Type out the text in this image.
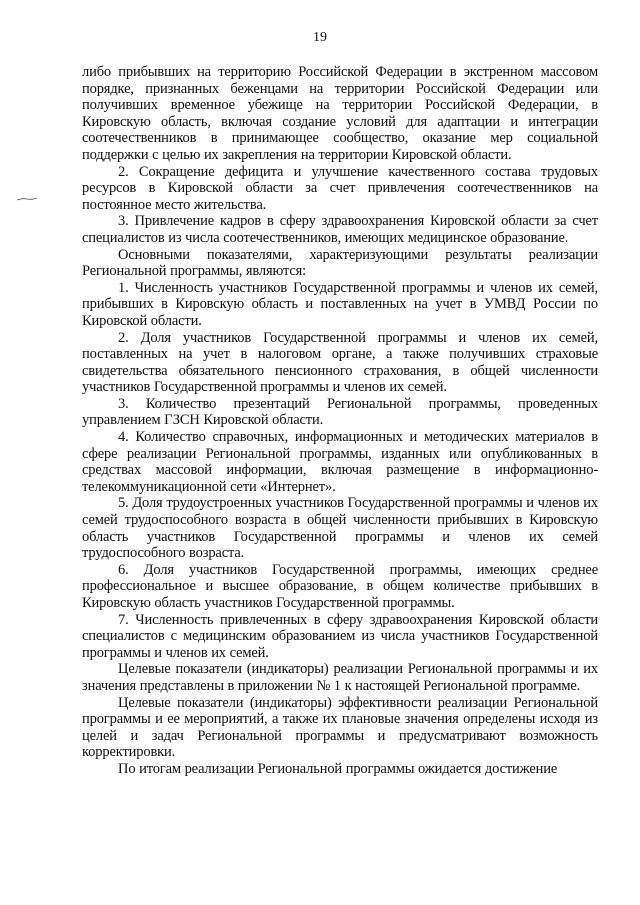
19

либо прибывших на территорию Российской Федерации в экстренном массовом порядке, признанных беженцами на территории Российской Федерации или получивших временное убежище на территории Российской Федерации, в Кировскую область, включая создание условий для адаптации и интеграции соотечественников в принимающее сообщество, оказание мер социальной поддержки с целью их закрепления на территории Кировской области.

2. Сокращение дефицита и улучшение качественного состава трудовых ресурсов в Кировской области за счет привлечения соотечественников на постоянное место жительства.

3. Привлечение кадров в сферу здравоохранения Кировской области за счет специалистов из числа соотечественников, имеющих медицинское образование.

Основными показателями, характеризующими результаты реализации Региональной программы, являются:

1. Численность участников Государственной программы и членов их семей, прибывших в Кировскую область и поставленных на учет в УМВД России по Кировской области.

2. Доля участников Государственной программы и членов их семей, поставленных на учет в налоговом органе, а также получивших страховые свидетельства обязательного пенсионного страхования, в общей численности участников Государственной программы и членов их семей.

3. Количество презентаций Региональной программы, проведенных управлением ГЗСН Кировской области.

4. Количество справочных, информационных и методических материалов в сфере реализации Региональной программы, изданных или опубликованных в средствах массовой информации, включая размещение в информационно-телекоммуникационной сети «Интернет».

5. Доля трудоустроенных участников Государственной программы и членов их семей трудоспособного возраста в общей численности прибывших в Кировскую область участников Государственной программы и членов их семей трудоспособного возраста.

6. Доля участников Государственной программы, имеющих среднее профессиональное и высшее образование, в общем количестве прибывших в Кировскую область участников Государственной программы.

7. Численность привлеченных в сферу здравоохранения Кировской области специалистов с медицинским образованием из числа участников Государственной программы и членов их семей.

Целевые показатели (индикаторы) реализации Региональной программы и их значения представлены в приложении № 1 к настоящей Региональной программе.

Целевые показатели (индикаторы) эффективности реализации Региональной программы и ее мероприятий, а также их плановые значения определены исходя из целей и задач Региональной программы и предусматривают возможность корректировки.

По итогам реализации Региональной программы ожидается достижение
